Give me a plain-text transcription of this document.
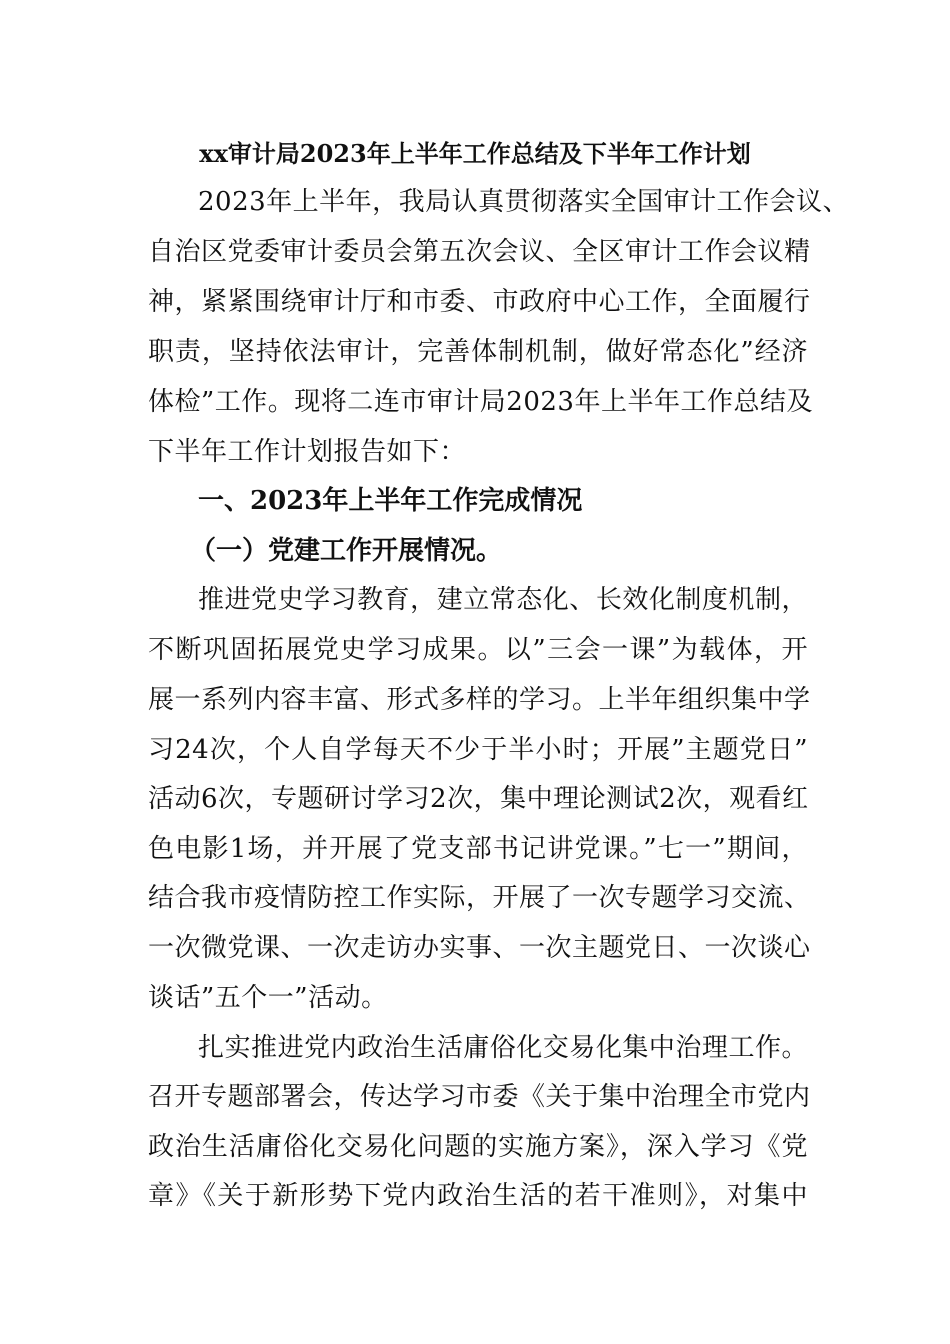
xx审计局2023年上半年工作总结及下半年工作计划
2023年上半年，我局认真贯彻落实全国审计工作会议、
自治区党委审计委员会第五次会议、全区审计工作会议精
神，紧紧围绕审计厅和市委、市政府中心工作，全面履行
职责，坚持依法审计，完善体制机制，做好常态化”经济
体检”工作。现将二连市审计局2023年上半年工作总结及
下半年工作计划报告如下：
一、2023年上半年工作完成情况
（一）党建工作开展情况。
推进党史学习教育，建立常态化、长效化制度机制，
不断巩固拓展党史学习成果。以”三会一课”为载体，开
展一系列内容丰富、形式多样的学习。上半年组织集中学
习24次，个人自学每天不少于半小时；开展”主题党日”
活动6次，专题研讨学习2次，集中理论测试2次，观看红
色电影1场，并开展了党支部书记讲党课。”七一”期间，
结合我市疫情防控工作实际，开展了一次专题学习交流、
一次微党课、一次走访办实事、一次主题党日、一次谈心
谈话”五个一”活动。
扎实推进党内政治生活庸俗化交易化集中治理工作。
召开专题部署会，传达学习市委《关于集中治理全市党内
政治生活庸俗化交易化问题的实施方案》，深入学习《党
章》《关于新形势下党内政治生活的若干准则》，对集中
